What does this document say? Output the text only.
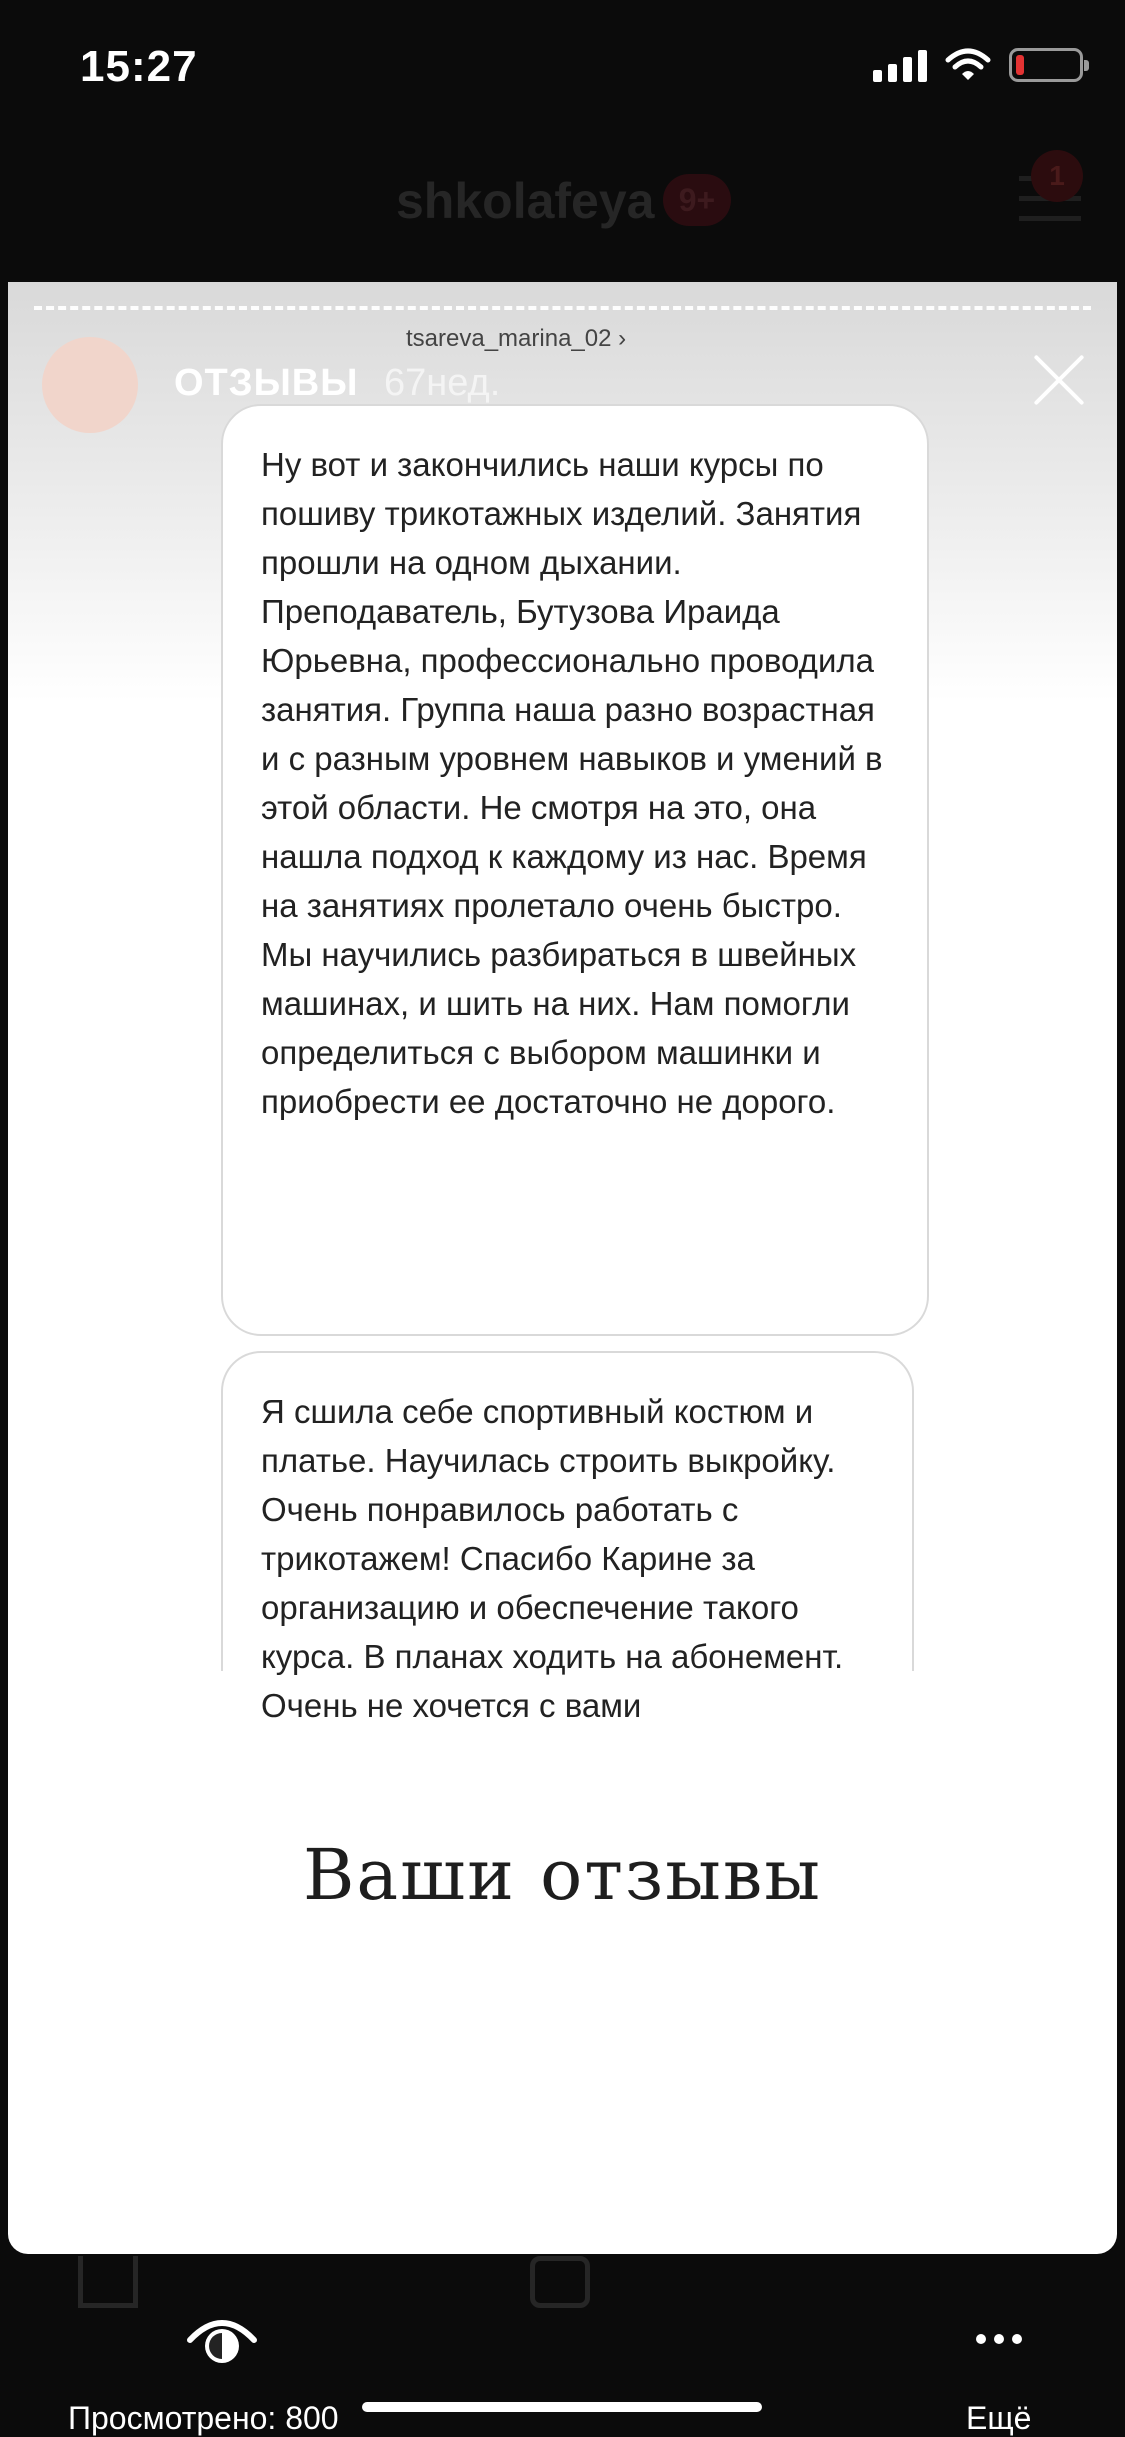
15:27
shkolafeya 9+
1
ОТЗЫВЫ 67нед.
tsareva_marina_02 ›

Ну вот и закончились наши курсы по пошиву трикотажных изделий. Занятия прошли на одном дыхании. Преподаватель, Бутузова Ираида Юрьевна, профессионально проводила занятия. Группа наша разно возрастная и с разным уровнем навыков и умений в этой области. Не смотря на это, она нашла подход к каждому из нас. Время на занятиях пролетало очень быстро. Мы научились разбираться в швейных машинах, и шить на них. Нам помогли определиться с выбором машинки и приобрести ее достаточно не дорого.

Я сшила себе спортивный костюм и платье. Научилась строить выкройку. Очень понравилось работать с трикотажем! Спасибо Карине за организацию и обеспечение такого курса. В планах ходить на абонемент. Очень не хочется с вами

Ваши отзывы
Просмотрено: 800	Ещё
